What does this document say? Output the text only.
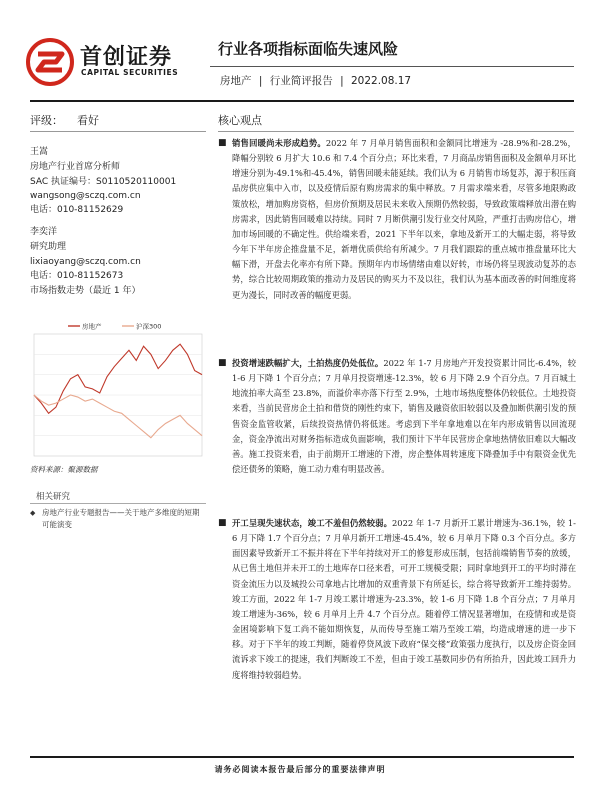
首创证券
CAPITAL SECURITIES
行业各项指标面临失速风险
房地产 | 行业简评报告 | 2022.08.17
评级： 看好
王嵩
房地产行业首席分析师
SAC 执证编号：S0110520110001
wangsong@sczq.com.cn
电话：010-81152629
李奕洋
研究助理
lixiaoyang@sczq.com.cn
电话：010-81152673
市场指数走势（最近 1 年）
房地产	沪深300
资料来源：聚源数据
相关研究
◆ 房地产行业专题报告——关于地产多维度的短期可能演变
核心观点
■ 销售回暖尚未形成趋势。2022 年 7 月单月销售面积和金额同比增速为 -28.9%和-28.2%，降幅分别较 6 月扩大 10.6 和 7.4 个百分点；环比来看，7 月商品房销售面积及金额单月环比增速分别为-49.1%和-45.4%，销售回暖未能延续。我们认为 6 月销售市场复苏，源于积压商品房供应集中入市，以及疫情后原有购房需求的集中释放。7 月需求端来看，尽管多地限购政策放松，增加购房资格，但房价预期及居民未来收入预期仍然较弱，导致政策端释放出潜在购房需求，因此销售回暖难以持续。同时 7 月断供潮引发行业交付风险，严重打击购房信心，增加市场回暖的不确定性。供给端来看，2021 下半年以来，拿地及新开工的大幅走弱，将导致今年下半年房企推盘量不足，新增优质供给有所减少。7 月我们跟踪的重点城市推盘量环比大幅下滑，开盘去化率亦有所下降。预期年内市场情绪由难以好转，市场仍将呈现波动复苏的态势，综合比较周期政策的推动力及居民的购买力不及以往，我们认为基本面改善的时间维度将更为漫长，同时改善的幅度更弱。
■ 投资增速跌幅扩大，土拍热度仍处低位。2022 年 1-7 月房地产开发投资累计同比-6.4%，较 1-6 月下降 1 个百分点；7 月单月投资增速-12.3%，较 6 月下降 2.9 个百分点。7 月百城土地流拍率大高至 23.8%，而溢价率亦落下行至 2.9%，土地市场热度整体仍较低位。土地投资来看，当前民营房企土拍和借贷的刚性约束下，销售及融资依旧较弱以及叠加断供潮引发的预售资金监管收紧，后续投资热情仍将低迷。考虑到下半年拿地难以在年内形成销售以回流现金，资金净流出对财务指标造成负面影响，我们预计下半年民营房企拿地热情依旧难以大幅改善。施工投资来看，由于前期开工增速的下滑，房企整体周转速度下降叠加手中有限资金优先偿还债务的策略，施工动力难有明显改善。
■ 开工呈现失速状态，竣工不羞但仍然较弱。2022 年 1-7 月新开工累计增速为-36.1%，较 1-6 月下降 1.7 个百分点；7 月单月新开工增速-45.4%，较 6 月单月下降 0.3 个百分点。多方面因素导致新开工不振并将在下半年持续对开工的修复形成压制，包括前端销售节奏的放缓，从已售土地但并未开工的土地库存口径来看，可开工规模受限；同时拿地到开工的平均时滞在资金流压力以及城投公司拿地占比增加的双重背景下有所延长，综合将导致新开工维持弱势。竣工方面，2022 年 1-7 月竣工累计增速为-23.3%，较 1-6 月下降 1.8 个百分点；7 月单月竣工增速为-36%，较 6 月单月上升 4.7 个百分点。随着停工情况显著增加，在疫情和或是资金困境影响下复工尚不能如期恢复，从而传导至施工端乃至竣工端，均造成增速的进一步下移。对于下半年的竣工判断，随着停贷风波下政府“保交楼”政策强力度执行，以及房企资金回流诉求下竣工的提速，我们判断竣工不差，但由于竣工基数同步仍有所抬升，因此竣工回升力度将维持较弱趋势。
请务必阅读本报告最后部分的重要法律声明
